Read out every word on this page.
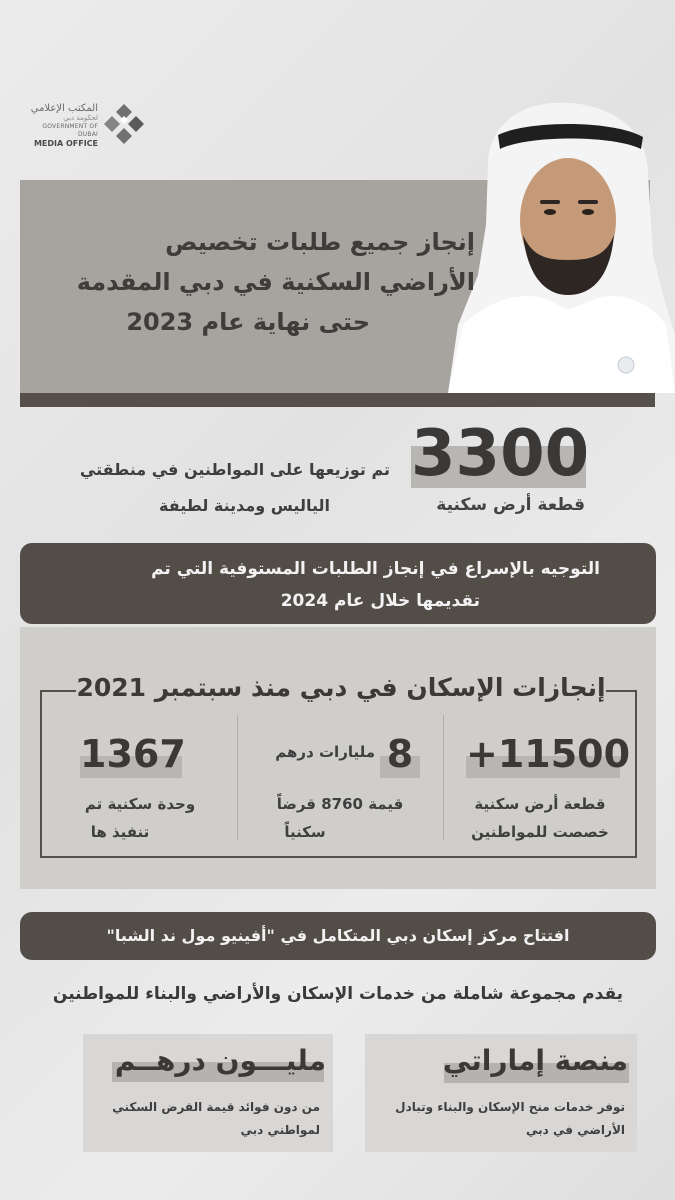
المكتب الإعلامي
لحكومة دبي
GOVERNMENT OF DUBAI
MEDIA OFFICE
إنجاز جميع طلبات تخصيص
الأراضي السكنية في دبي المقدمة
حتى نهاية عام 2023
3300
قطعة أرض سكنية
تم توزيعها على المواطنين في منطقتي
الياليس ومدينة لطيفة
التوجيه بالإسراع في إنجاز الطلبات المستوفية التي تم
تقديمها خلال عام 2024
إنجازات الإسكان في دبي منذ سبتمبر 2021
+11500
قطعة أرض سكنية
خصصت للمواطنين
8
مليارات درهم
قيمة 8760 قرضاً
سكنياً
1367
وحدة سكنية تم
تنفيذ ها
افتتاح مركز إسكان دبي المتكامل في "أفينيو مول ند الشبا"
يقدم مجموعة شاملة من خدمات الإسكان والأراضي والبناء للمواطنين
منصة إماراتي
توفر خدمات منح الإسكان والبناء وتبادل
الأراضي في دبي
مليـــون درهــم
من دون فوائد قيمة القرض السكني
لمواطني دبي
